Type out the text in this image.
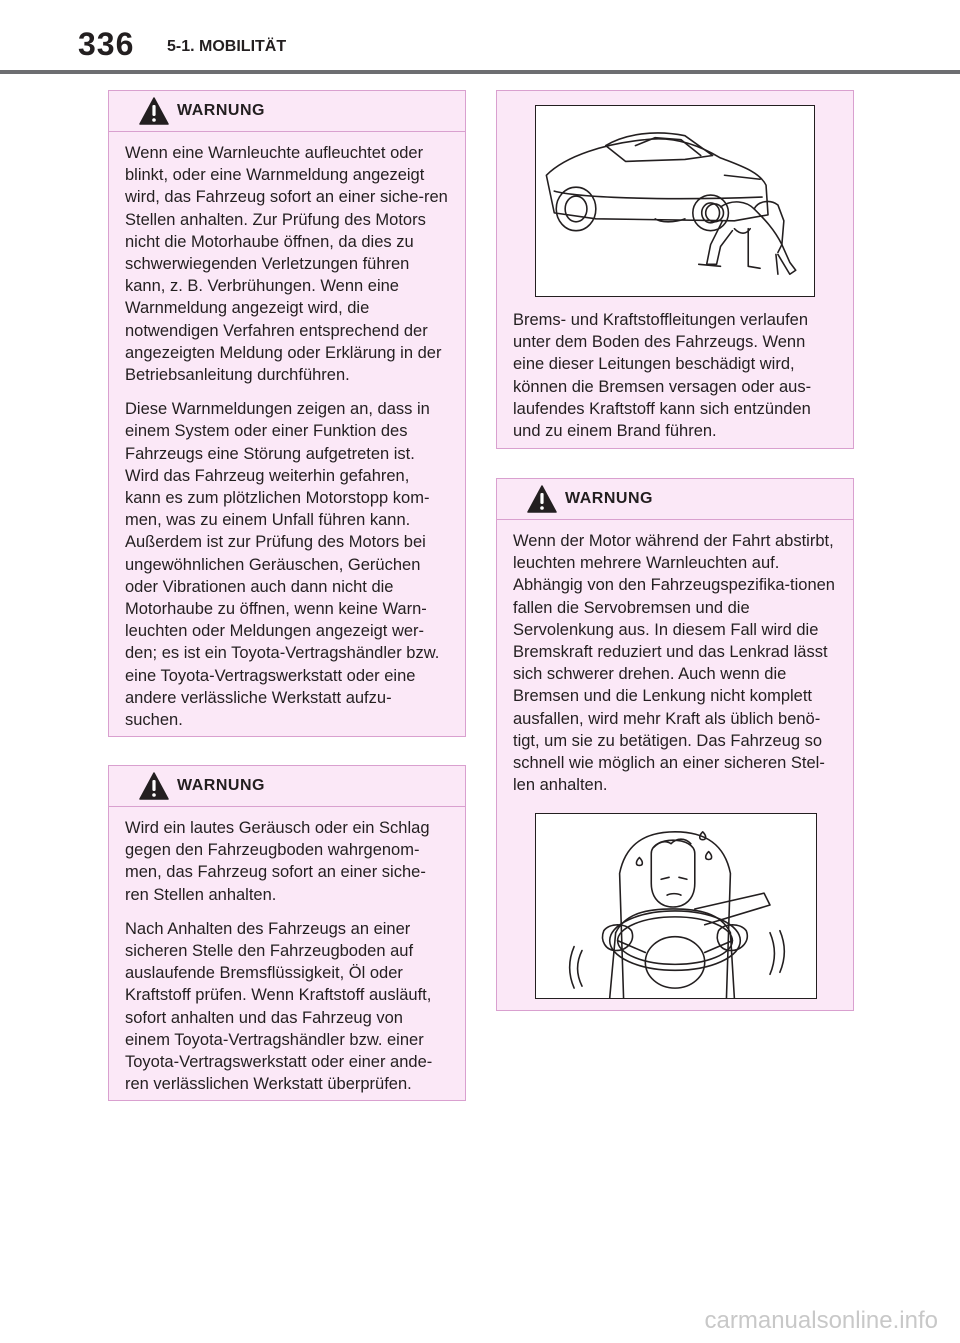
336 5-1. MOBILITÄT
WARNUNG

Wenn eine Warnleuchte aufleuchtet oder blinkt, oder eine Warnmeldung angezeigt wird, das Fahrzeug sofort an einer siche-ren Stellen anhalten. Zur Prüfung des Motors nicht die Motorhaube öffnen, da dies zu schwerwiegenden Verletzungen führen kann, z. B. Verbrühungen. Wenn eine Warnmeldung angezeigt wird, die notwendigen Verfahren entsprechend der angezeigten Meldung oder Erklärung in der Betriebsanleitung durchführen.

Diese Warnmeldungen zeigen an, dass in einem System oder einer Funktion des Fahrzeugs eine Störung aufgetreten ist. Wird das Fahrzeug weiterhin gefahren, kann es zum plötzlichen Motorstopp kom-men, was zu einem Unfall führen kann. Außerdem ist zur Prüfung des Motors bei ungewöhnlichen Geräuschen, Gerüchen oder Vibrationen auch dann nicht die Motorhaube zu öffnen, wenn keine Warn-leuchten oder Meldungen angezeigt wer-den; es ist ein Toyota-Vertragshändler bzw. eine Toyota-Vertragswerkstatt oder eine andere verlässliche Werkstatt aufzu-suchen.

WARNUNG

Wird ein lautes Geräusch oder ein Schlag gegen den Fahrzeugboden wahrgenom-men, das Fahrzeug sofort an einer siche-ren Stellen anhalten.

Nach Anhalten des Fahrzeugs an einer sicheren Stelle den Fahrzeugboden auf auslaufende Bremsflüssigkeit, Öl oder Kraftstoff prüfen. Wenn Kraftstoff ausläuft, sofort anhalten und das Fahrzeug von einem Toyota-Vertragshändler bzw. einer Toyota-Vertragswerkstatt oder einer ande-ren verlässlichen Werkstatt überprüfen.

Brems- und Kraftstoffleitungen verlaufen unter dem Boden des Fahrzeugs. Wenn eine dieser Leitungen beschädigt wird, können die Bremsen versagen oder aus-laufendes Kraftstoff kann sich entzünden und zu einem Brand führen.

WARNUNG

Wenn der Motor während der Fahrt abstirbt, leuchten mehrere Warnleuchten auf. Abhängig von den Fahrzeugspezifika-tionen fallen die Servobremsen und die Servolenkung aus. In diesem Fall wird die Bremskraft reduziert und das Lenkrad lässt sich schwerer drehen. Auch wenn die Bremsen und die Lenkung nicht komplett ausfallen, wird mehr Kraft als üblich benö-tigt, um sie zu betätigen. Das Fahrzeug so schnell wie möglich an einer sicheren Stel-len anhalten.

carmanualsonline.info
